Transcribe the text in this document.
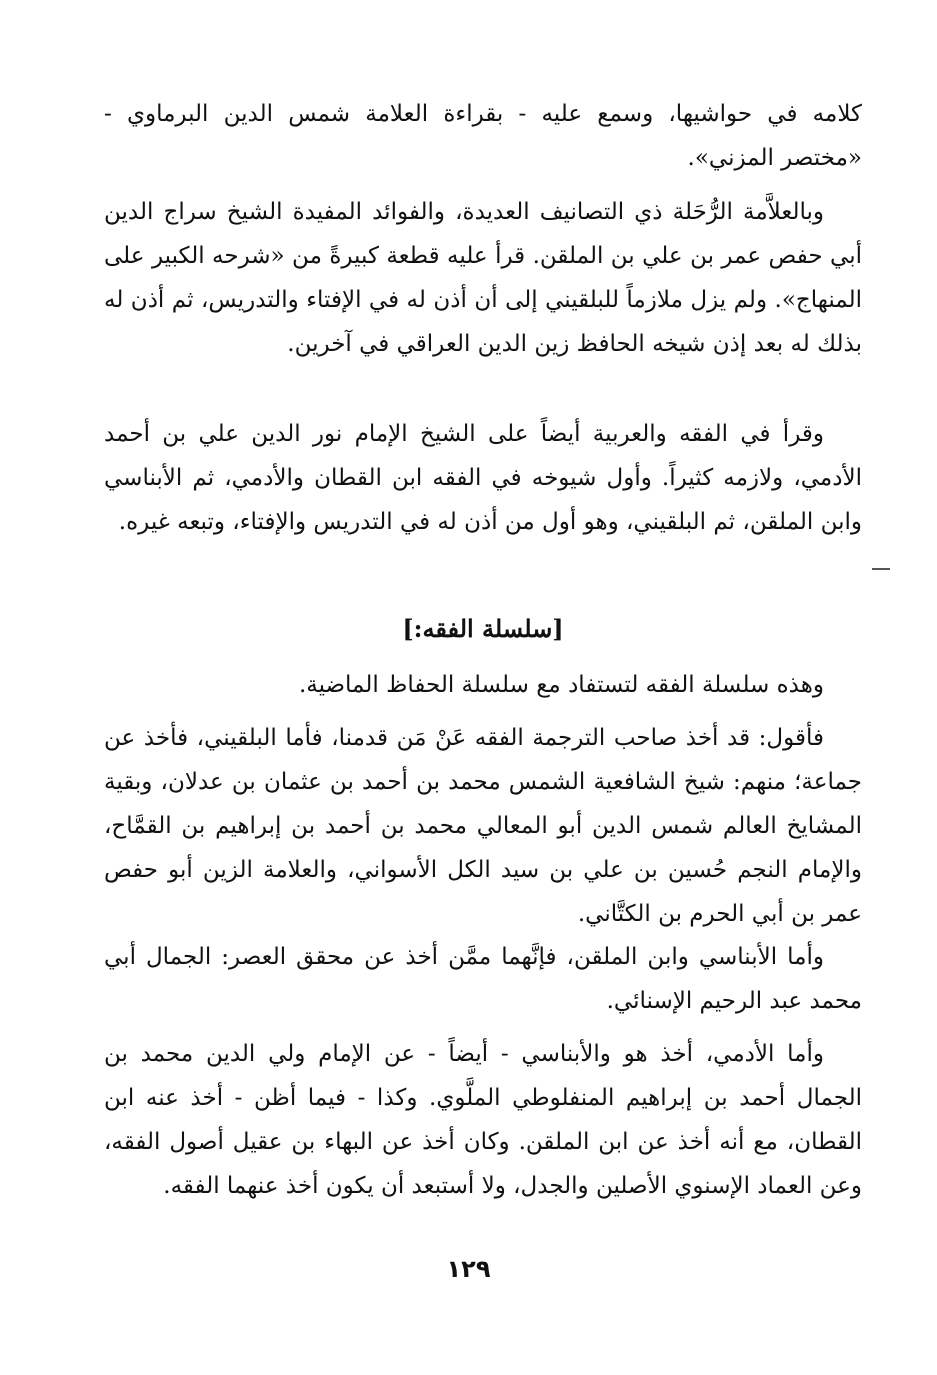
كلامه في حواشيها، وسمع عليه - بقراءة العلامة شمس الدين البرماوي - «مختصر المزني».

وبالعلاَّمة الرُّحَلة ذي التصانيف العديدة، والفوائد المفيدة الشيخ سراج الدين أبي حفص عمر بن علي بن الملقن. قرأ عليه قطعة كبيرةً من «شرحه الكبير على المنهاج». ولم يزل ملازماً للبلقيني إلى أن أذن له في الإفتاء والتدريس، ثم أذن له بذلك له بعد إذن شيخه الحافظ زين الدين العراقي في آخرين.

وقرأ في الفقه والعربية أيضاً على الشيخ الإمام نور الدين علي بن أحمد الأدمي، ولازمه كثيراً. وأول شيوخه في الفقه ابن القطان والأدمي، ثم الأبناسي وابن الملقن، ثم البلقيني، وهو أول من أذن له في التدريس والإفتاء، وتبعه غيره.

[سلسلة الفقه:]

وهذه سلسلة الفقه لتستفاد مع سلسلة الحفاظ الماضية.

فأقول: قد أخذ صاحب الترجمة الفقه عَنْ مَن قدمنا، فأما البلقيني، فأخذ عن جماعة؛ منهم: شيخ الشافعية الشمس محمد بن أحمد بن عثمان بن عدلان، وبقية المشايخ العالم شمس الدين أبو المعالي محمد بن أحمد بن إبراهيم بن القمَّاح، والإمام النجم حُسين بن علي بن سيد الكل الأسواني، والعلامة الزين أبو حفص عمر بن أبي الحرم بن الكتَّاني.

وأما الأبناسي وابن الملقن، فإنَّهما ممَّن أخذ عن محقق العصر: الجمال أبي محمد عبد الرحيم الإسنائي.

وأما الأدمي، أخذ هو والأبناسي - أيضاً - عن الإمام ولي الدين محمد بن الجمال أحمد بن إبراهيم المنفلوطي الملَّوي. وكذا - فيما أظن - أخذ عنه ابن القطان، مع أنه أخذ عن ابن الملقن. وكان أخذ عن البهاء بن عقيل أصول الفقه، وعن العماد الإسنوي الأصلين والجدل، ولا أستبعد أن يكون أخذ عنهما الفقه.

١٢٩
